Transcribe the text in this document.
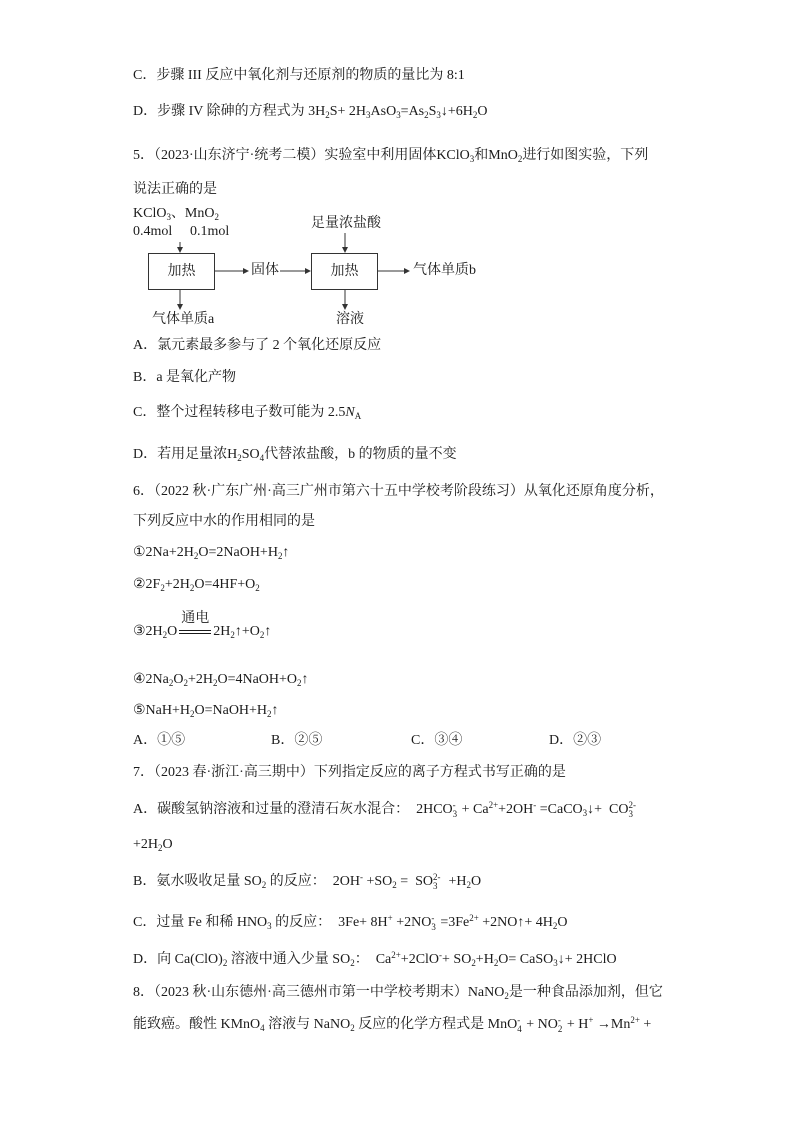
C．步骤 III 反应中氧化剂与还原剂的物质的量比为 8:1
D．步骤 IV 除砷的方程式为 $3H_2S+$ $2H_3AsO_3=As_2S_3↓+6H_2O$
5．（2023·山东济宁·统考二模）实验室中利用固体KClO$_3$和MnO$_2$进行如图实验，下列
说法正确的是
KClO$_3$、MnO$_2$
0.4mol 0.1mol
加热	固体	加热
足量浓盐酸
气体单质b
气体单质a	溶液
A．氯元素最多参与了 2 个氧化还原反应
B．a 是氧化产物
C．整个过程转移电子数可能为 $2.5N_A$
D．若用足量浓$H_2SO_4$代替浓盐酸，b 的物质的量不变
6．（2022 秋·广东广州·高三广州市第六十五中学校考阶段练习）从氧化还原角度分析，
下列反应中水的作用相同的是
$①2Na+2H_2O=2NaOH+H_2↑$
$②2F_2+2H_2O=4HF+O_2$
$③2H_2O$
通电
$2H_2↑+O_2↑$
$④2Na_2O_2+2H_2O=4NaOH+O_2↑$
$⑤NaH+H_2O=NaOH+H_2↑$
A．①⑤	B．②⑤	C．③④	D．②③
7．（2023 春·浙江·高三期中）下列指定反应的离子方程式书写正确的是
A．碳酸氢钠溶液和过量的澄清石灰水混合：  2HCO -
$3 + Ca^{2+}+2OH^-$ =CaCO$_3$↓+  CO 2-
3
$+2H_2O$
B．氨水吸收足量 $SO_2$ 的反应：  $2OH^- +SO_2$ =  SO 2-
$3 +H_2O$
C．过量 Fe 和稀 $HNO_3$ 的反应：  3Fe+ 8H+ +2NO -
$3 =3Fe^{2+}$ +2NO↑+ $4H_2O$
D．向 $Ca(ClO)_2$ 溶液中通入少量 $SO_2$：  $Ca^{2+}+2ClO^-+ SO_2+H_2O=$ CaSO$_3$↓+ 2HClO
8．（2023 秋·山东德州·高三德州市第一中学校考期末）NaNO$_2$是一种食品添加剂，但它
能致癌。酸性 KMnO$_4$ 溶液与 NaNO$_2$ 反应的化学方程式是 MnO -
4 + NO -
$2 + H^+ \to Mn^{2+}$ +
